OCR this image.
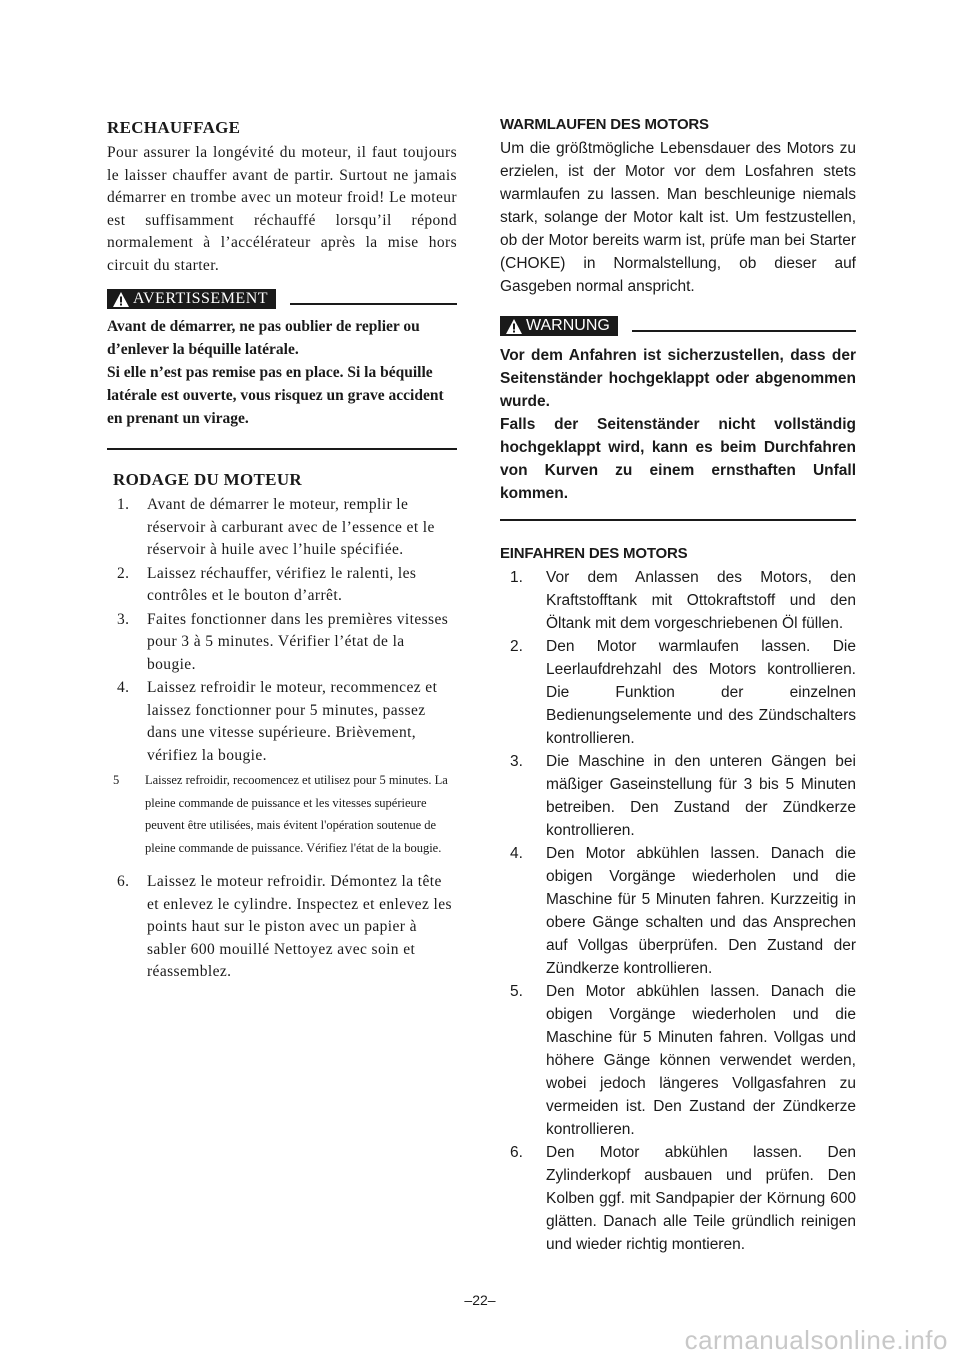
RECHAUFFAGE

Pour assurer la longévité du moteur, il faut toujours le laisser chauffer avant de partir. Surtout ne jamais démarrer en trombe avec un moteur froid! Le moteur est suffisamment réchauffé lorsqu’il répond normalement à l’accélérateur après la mise hors circuit du starter.

AVERTISSEMENT

Avant de démarrer, ne pas oublier de replier ou d’enlever la béquille latérale.

Si elle n’est pas remise pas en place. Si la béquille latérale est ouverte, vous risquez un grave accident en prenant un virage.

RODAGE DU MOTEUR
1.	Avant de démarrer le moteur, remplir le réservoir à carburant avec de l’essence et le réservoir à huile avec l’huile spécifiée.
2.	Laissez réchauffer, vérifiez le ralenti, les contrôles et le bouton d’arrêt.
3.	Faites fonctionner dans les premières vitesses pour 3 à 5 minutes. Vérifier l’état de la bougie.
4.	Laissez refroidir le moteur, recommencez et laissez fonctionner pour 5 minutes, passez dans une vitesse supérieure. Brièvement, vérifiez la bougie.
5	Laissez refroidir, recoomencez et utilisez pour 5 minutes. La pleine commande de puissance et les vitesses supérieure peuvent être utilisées, mais évitent l'opération soutenue de pleine commande de puissance. Vérifiez l'état de la bougie.
6.	Laissez le moteur refroidir. Démontez la tête et enlevez le cylindre. Inspectez et enlevez les points haut sur le piston avec un papier à sabler 600 mouillé Nettoyez avec soin et réassemblez.
WARMLAUFEN DES MOTORS

Um die größtmögliche Lebensdauer des Motors zu erzielen, ist der Motor vor dem Losfahren stets warmlaufen zu lassen. Man beschleunige niemals stark, solange der Motor kalt ist. Um festzustellen, ob der Motor bereits warm ist, prüfe man bei Starter (CHOKE) in Normalstellung, ob dieser auf Gasgeben normal anspricht.

WARNUNG

Vor dem Anfahren ist sicherzustellen, dass der Seitenständer hochgeklappt oder abgenommen wurde.

Falls der Seitenständer nicht vollständig hochgeklappt wird, kann es beim Durchfahren von Kurven zu einem ernsthaften Unfall kommen.

EINFAHREN DES MOTORS
1.	Vor dem Anlassen des Motors, den Kraftstofftank mit Ottokraftstoff und den Öltank mit dem vorgeschriebenen Öl füllen.
2.	Den Motor warmlaufen lassen. Die Leerlaufdrehzahl des Motors kontrollieren. Die Funktion der einzelnen Bedienungselemente und des Zündschalters kontrollieren.
3.	Die Maschine in den unteren Gängen bei mäßiger Gaseinstellung für 3 bis 5 Minuten betreiben. Den Zustand der Zündkerze kontrollieren.
4.	Den Motor abkühlen lassen. Danach die obigen Vorgänge wiederholen und die Maschine für 5 Minuten fahren. Kurzzeitig in obere Gänge schalten und das Ansprechen auf Vollgas überprüfen. Den Zustand der Zündkerze kontrollieren.
5.	Den Motor abkühlen lassen. Danach die obigen Vorgänge wiederholen und die Maschine für 5 Minuten fahren. Vollgas und höhere Gänge können verwendet werden, wobei jedoch längeres Vollgasfahren zu vermeiden ist. Den Zustand der Zündkerze kontrollieren.
6.	Den Motor abkühlen lassen. Den Zylinderkopf ausbauen und prüfen. Den Kolben ggf. mit Sandpapier der Körnung 600 glätten. Danach alle Teile gründlich reinigen und wieder richtig montieren.
–22–
carmanualsonline.info
